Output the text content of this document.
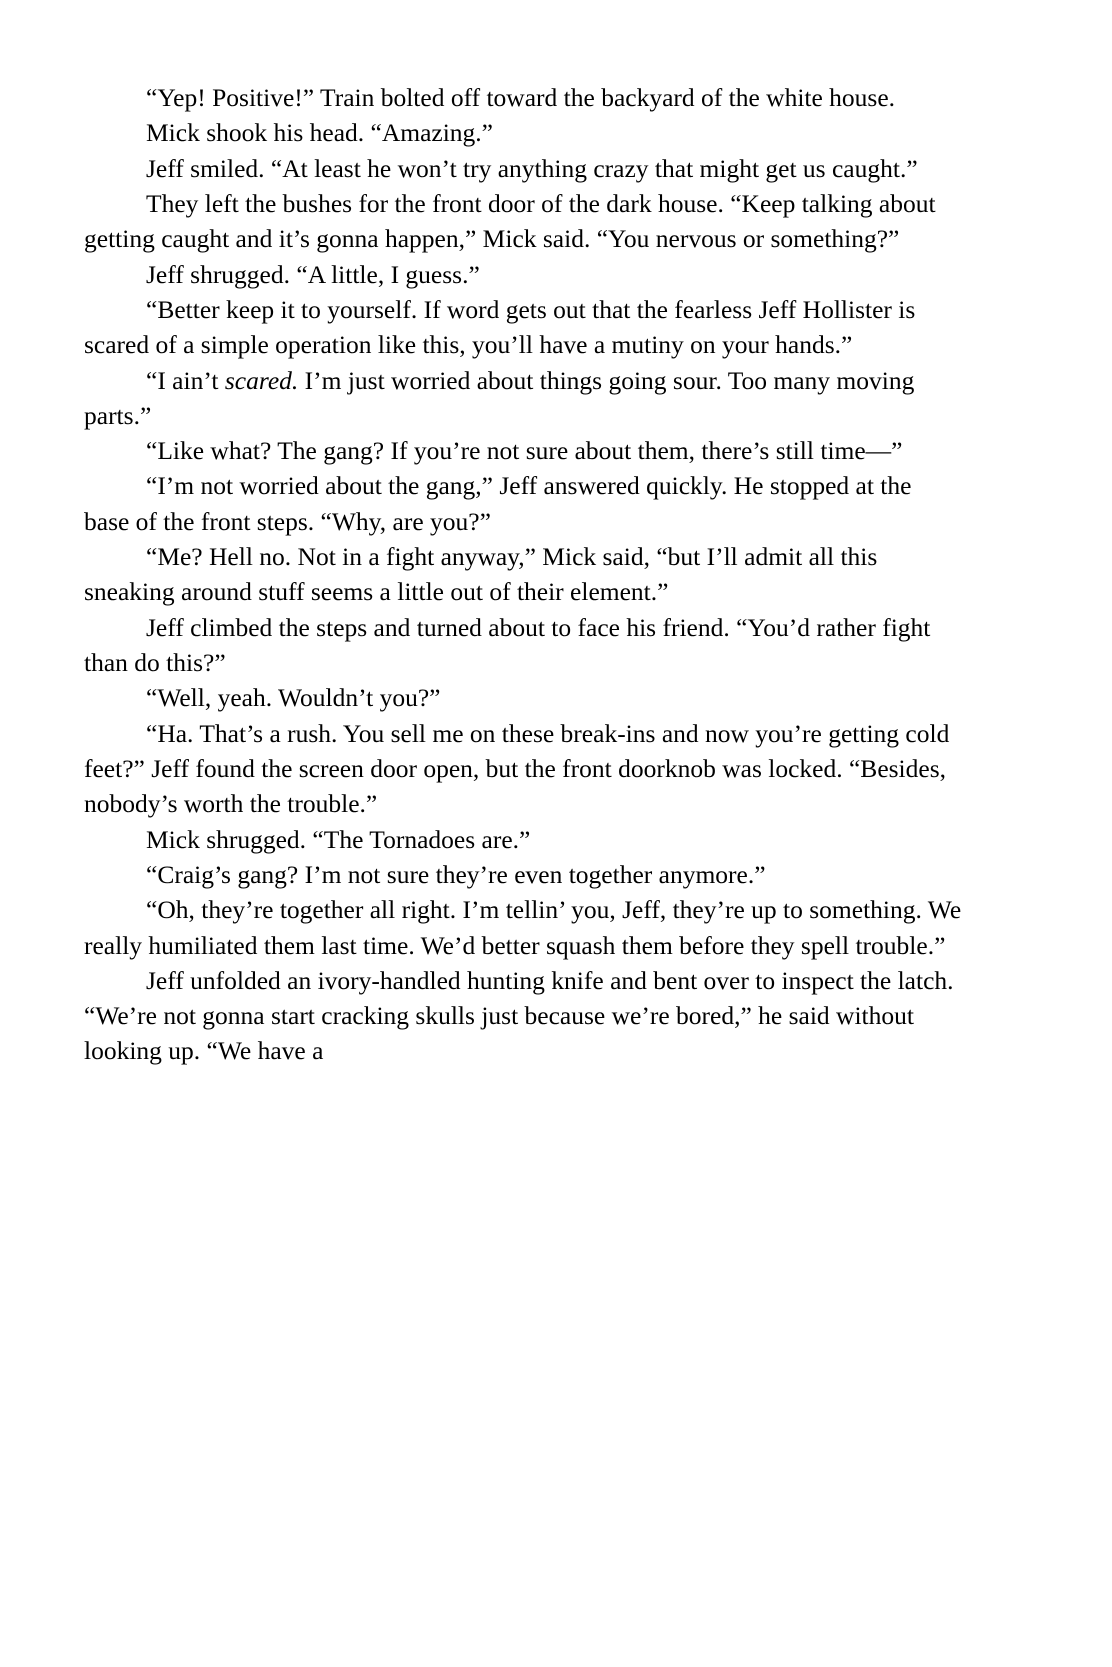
“Yep! Positive!” Train bolted off toward the backyard of the white house.

Mick shook his head. “Amazing.”

Jeff smiled. “At least he won’t try anything crazy that might get us caught.”

They left the bushes for the front door of the dark house. “Keep talking about getting caught and it’s gonna happen,” Mick said. “You nervous or something?”

Jeff shrugged. “A little, I guess.”

“Better keep it to yourself. If word gets out that the fearless Jeff Hollister is scared of a simple operation like this, you’ll have a mutiny on your hands.”

“I ain’t scared. I’m just worried about things going sour. Too many moving parts.”

“Like what? The gang? If you’re not sure about them, there’s still time—”

“I’m not worried about the gang,” Jeff answered quickly. He stopped at the base of the front steps. “Why, are you?”

“Me? Hell no. Not in a fight anyway,” Mick said, “but I’ll admit all this sneaking around stuff seems a little out of their element.”

Jeff climbed the steps and turned about to face his friend. “You’d rather fight than do this?”

“Well, yeah. Wouldn’t you?”

“Ha. That’s a rush. You sell me on these break-ins and now you’re getting cold feet?” Jeff found the screen door open, but the front doorknob was locked. “Besides, nobody’s worth the trouble.”

Mick shrugged. “The Tornadoes are.”

“Craig’s gang? I’m not sure they’re even together anymore.”

“Oh, they’re together all right. I’m tellin’ you, Jeff, they’re up to something. We really humiliated them last time. We’d better squash them before they spell trouble.”

Jeff unfolded an ivory-handled hunting knife and bent over to inspect the latch. “We’re not gonna start cracking skulls just because we’re bored,” he said without looking up. “We have a
